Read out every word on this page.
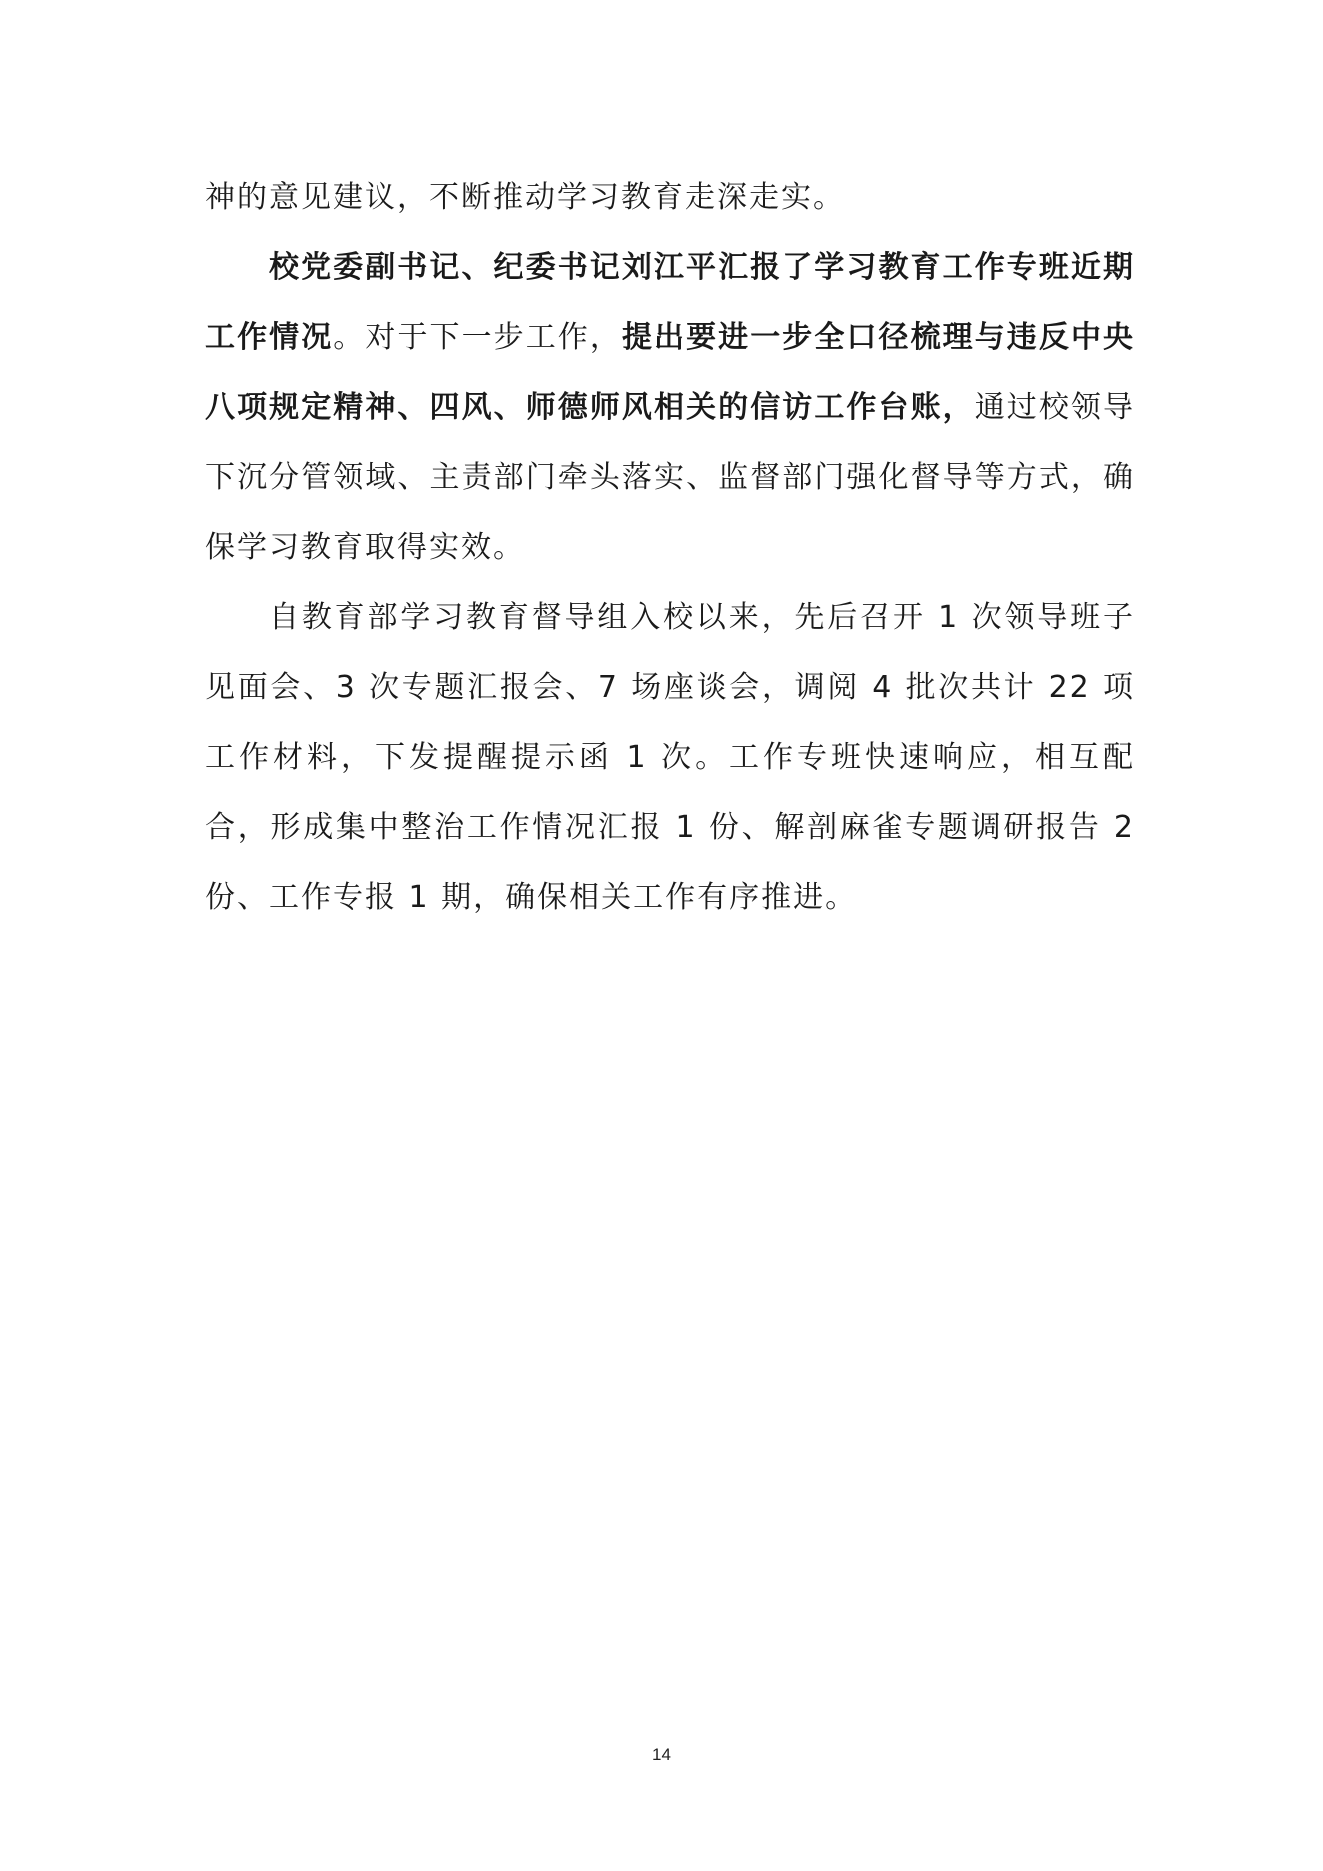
神的意见建议，不断推动学习教育走深走实。

校党委副书记、纪委书记刘江平汇报了学习教育工作专班近期工作情况。对于下一步工作，提出要进一步全口径梳理与违反中央八项规定精神、四风、师德师风相关的信访工作台账，通过校领导下沉分管领域、主责部门牵头落实、监督部门强化督导等方式，确保学习教育取得实效。

自教育部学习教育督导组入校以来，先后召开 1 次领导班子见面会、3 次专题汇报会、7 场座谈会，调阅 4 批次共计 22 项工作材料，下发提醒提示函 1 次。工作专班快速响应，相互配合，形成集中整治工作情况汇报 1 份、解剖麻雀专题调研报告 2 份、工作专报 1 期，确保相关工作有序推进。

14
